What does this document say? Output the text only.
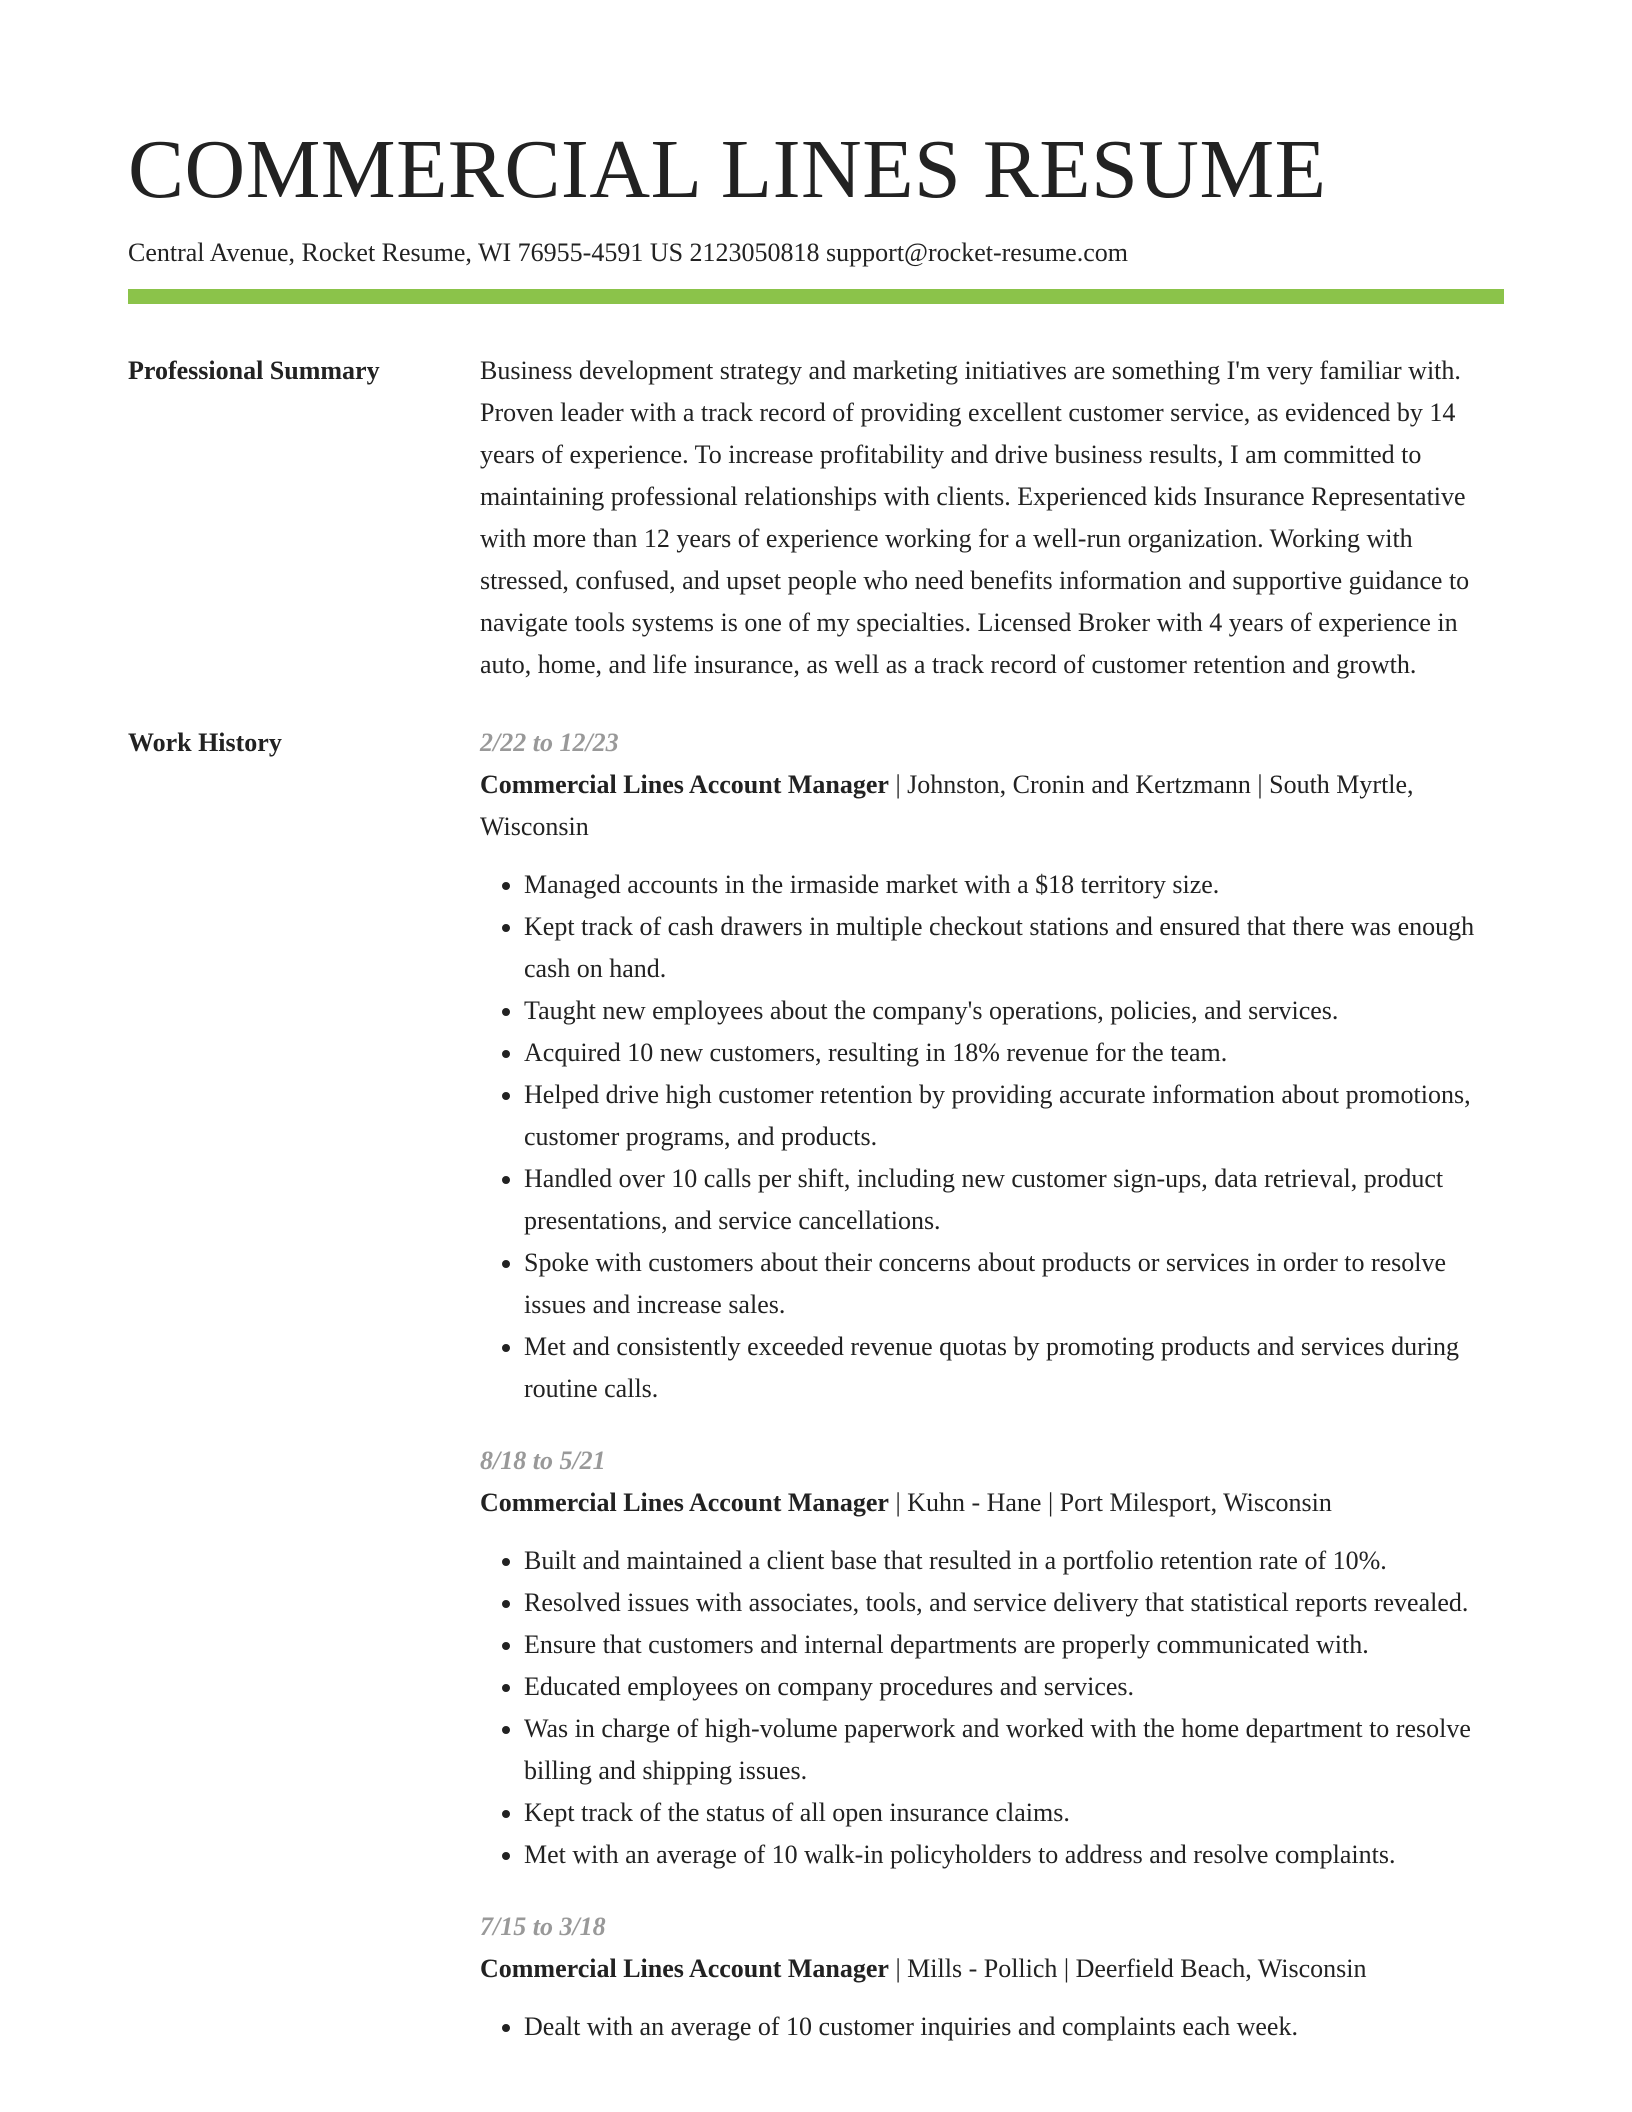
COMMERCIAL LINES RESUME
Central Avenue, Rocket Resume, WI 76955-4591 US 2123050818 support@rocket-resume.com
Professional Summary	Business development strategy and marketing initiatives are something I'm very familiar with. Proven leader with a track record of providing excellent customer service, as evidenced by 14 years of experience. To increase profitability and drive business results, I am committed to maintaining professional relationships with clients. Experienced kids Insurance Representative with more than 12 years of experience working for a well-run organization. Working with stressed, confused, and upset people who need benefits information and supportive guidance to navigate tools systems is one of my specialties. Licensed Broker with 4 years of experience in auto, home, and life insurance, as well as a track record of customer retention and growth.

Work History	2/22 to 12/23
Commercial Lines Account Manager | Johnston, Cronin and Kertzmann | South Myrtle, Wisconsin
• Managed accounts in the irmaside market with a $18 territory size.
• Kept track of cash drawers in multiple checkout stations and ensured that there was enough cash on hand.
• Taught new employees about the company's operations, policies, and services.
• Acquired 10 new customers, resulting in 18% revenue for the team.
• Helped drive high customer retention by providing accurate information about promotions, customer programs, and products.
• Handled over 10 calls per shift, including new customer sign-ups, data retrieval, product presentations, and service cancellations.
• Spoke with customers about their concerns about products or services in order to resolve issues and increase sales.
• Met and consistently exceeded revenue quotas by promoting products and services during routine calls.
8/18 to 5/21
Commercial Lines Account Manager | Kuhn - Hane | Port Milesport, Wisconsin
• Built and maintained a client base that resulted in a portfolio retention rate of 10%.
• Resolved issues with associates, tools, and service delivery that statistical reports revealed.
• Ensure that customers and internal departments are properly communicated with.
• Educated employees on company procedures and services.
• Was in charge of high-volume paperwork and worked with the home department to resolve billing and shipping issues.
• Kept track of the status of all open insurance claims.
• Met with an average of 10 walk-in policyholders to address and resolve complaints.
7/15 to 3/18
Commercial Lines Account Manager | Mills - Pollich | Deerfield Beach, Wisconsin
• Dealt with an average of 10 customer inquiries and complaints each week.
